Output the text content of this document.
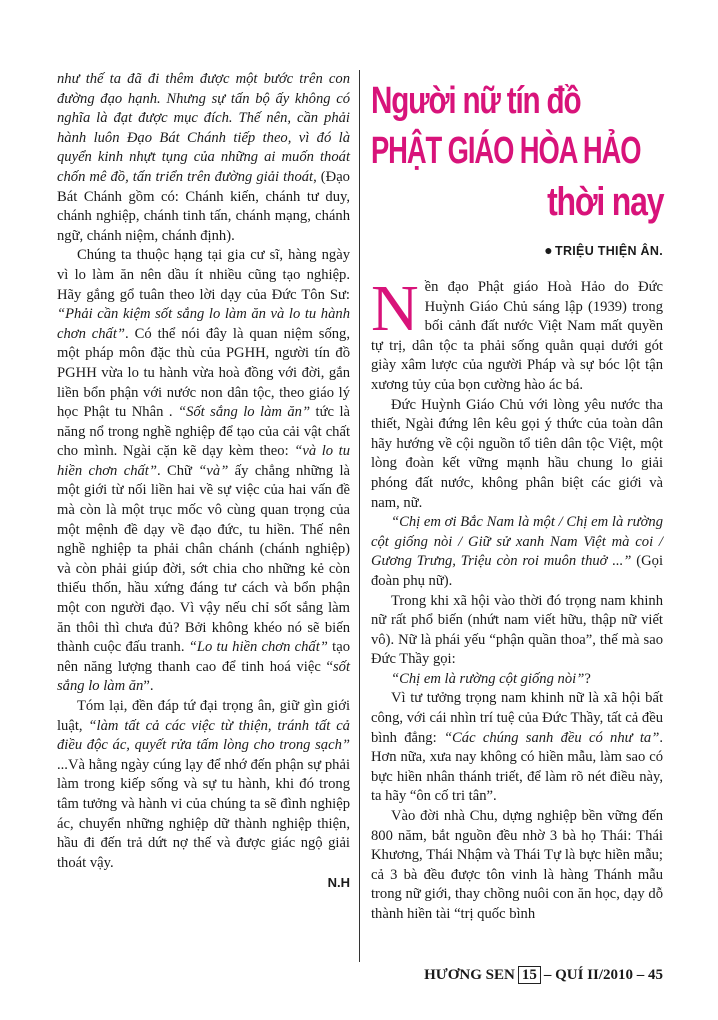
như thế ta đã đi thêm được một bước trên con đường đạo hạnh. Nhưng sự tấn bộ ấy không có nghĩa là đạt được mục đích. Thế nên, cần phải hành luôn Đạo Bát Chánh tiếp theo, vì đó là quyển kinh nhựt tụng của những ai muốn thoát chốn mê đồ, tấn triển trên đường giải thoát, (Đạo Bát Chánh gồm có: Chánh kiến, chánh tư duy, chánh nghiệp, chánh tinh tấn, chánh mạng, chánh ngữ, chánh niệm, chánh định).

Chúng ta thuộc hạng tại gia cư sĩ, hàng ngày vì lo làm ăn nên dầu ít nhiều cũng tạo nghiệp. Hãy gắng gổ tuân theo lời dạy của Đức Tôn Sư: “Phải cần kiệm sốt sắng lo làm ăn và lo tu hành chơn chất”. Có thể nói đây là quan niệm sống, một pháp môn đặc thù của PGHH, người tín đồ PGHH vừa lo tu hành vừa hoà đồng với đời, gắn liền bổn phận với nước non dân tộc, theo giáo lý học Phật tu Nhân . “Sốt sắng lo làm ăn” tức là năng nổ trong nghề nghiệp để tạo của cải vật chất cho mình. Ngài cặn kẽ dạy kèm theo: “và lo tu hiền chơn chất”. Chữ “và” ấy chẳng những là một giới từ nối liền hai về sự việc của hai vấn đề mà còn là một trục mốc vô cùng quan trọng của một mệnh đề dạy về đạo đức, tu hiền. Thế nên nghề nghiệp ta phải chân chánh (chánh nghiệp) và còn phải giúp đời, sớt chia cho những kẻ còn thiếu thốn, hầu xứng đáng tư cách và bổn phận một con người đạo. Vì vậy nếu chỉ sốt sắng làm ăn thôi thì chưa đủ? Bởi không khéo nó sẽ biến thành cuộc đấu tranh. “Lo tu hiền chơn chất” tạo nên năng lượng thanh cao để tinh hoá việc “sốt sắng lo làm ăn”.

Tóm lại, đền đáp tứ đại trọng ân, giữ gìn giới luật, “làm tất cả các việc từ thiện, tránh tất cả điều độc ác, quyết rửa tấm lòng cho trong sạch” ...Và hằng ngày cúng lạy để nhớ đến phận sự phải làm trong kiếp sống và sự tu hành, khi đó trong tâm tưởng và hành vi của chúng ta sẽ đình nghiệp ác, chuyển những nghiệp dữ thành nghiệp thiện, hầu đi đến trả dứt nợ thế và được giác ngộ giải thoát vậy.

N.H

Người nữ tín đồ
PHẬT GIÁO HÒA HẢO
thời nay
● TRIỆU THIỆN ÂN.

Nền đạo Phật giáo Hoà Hảo do Đức Huỳnh Giáo Chủ sáng lập (1939) trong bối cảnh đất nước Việt Nam mất quyền tự trị, dân tộc ta phải sống quằn quại dưới gót giày xâm lược của người Pháp và sự bóc lột tận xương tủy của bọn cường hào ác bá.

Đức Huỳnh Giáo Chủ với lòng yêu nước tha thiết, Ngài đứng lên kêu gọi ý thức của toàn dân hãy hướng về cội nguồn tổ tiên dân tộc Việt, một lòng đoàn kết vững mạnh hầu chung lo giải phóng đất nước, không phân biệt các giới và nam, nữ.

“Chị em ơi Bắc Nam là một / Chị em là rường cột giống nòi / Giữ sử xanh Nam Việt mà coi / Gương Trưng, Triệu còn roi muôn thuở ...” (Gọi đoàn phụ nữ).

Trong khi xã hội vào thời đó trọng nam khinh nữ rất phổ biến (nhứt nam viết hữu, thập nữ viết vô). Nữ là phái yếu “phận quần thoa”, thế mà sao Đức Thầy gọi:

“Chị em là rường cột giống nòi”?

Vì tư tưởng trọng nam khinh nữ là xã hội bất công, với cái nhìn trí tuệ của Đức Thầy, tất cả đều bình đẳng: “Các chúng sanh đều có như ta”. Hơn nữa, xưa nay không có hiền mẫu, làm sao có bực hiền nhân thánh triết, để làm rõ nét điều này, ta hãy “ôn cố tri tân”.

Vào đời nhà Chu, dựng nghiệp bền vững đến 800 năm, bắt nguồn đều nhờ 3 bà họ Thái: Thái Khương, Thái Nhậm và Thái Tự là bực hiền mẫu; cả 3 bà đều được tôn vinh là hàng Thánh mẫu trong nữ giới, thay chồng nuôi con ăn học, dạy dỗ thành hiền tài “trị quốc bình

HƯƠNG SEN 15 – QUÍ II/2010 – 45
